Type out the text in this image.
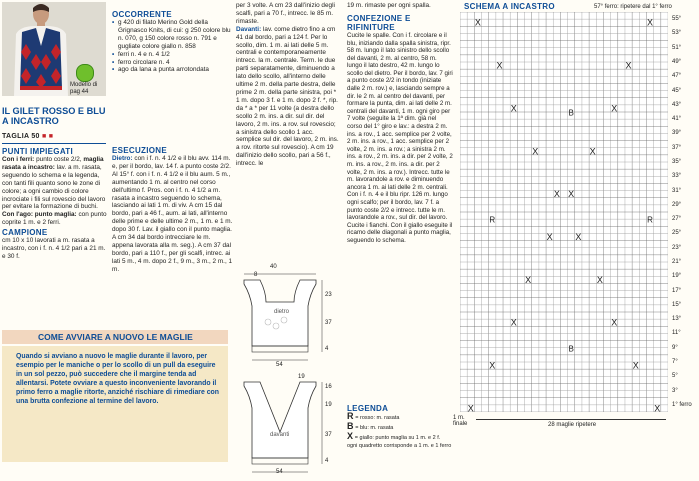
Modello di pag 44
IL GILET ROSSO E BLU A INCASTRO
TAGLIA 50 ■ ■
PUNTI IMPIEGATI

Con i ferri: punto coste 2/2, maglia rasata a incastro: lav. a m. rasata, seguendo lo schema e la legenda, con tanti fili quanto sono le zone di colore; a ogni cambio di colore incrociate i fili sul rovescio del lavoro per evitare la formazione di buchi.

Con l'ago: punto maglia: con punto coprite 1 m. e 2 ferri.

CAMPIONE

cm 10 x 10 lavorati a m. rasata a incastro, con i f. n. 4 1/2 pari a 21 m. e 30 f.

OCCORRENTE
• g 420 di filato Merino Gold della Grignasco Knits, di cui: g 250 colore blu n. 070, g 150 colore rosso n. 791 e gugliate colore giallo n. 858
• ferri n. 4 e n. 4 1/2
• ferro circolare n. 4
• ago da lana a punta arrotondata
ESECUZIONE

Dietro: con i f. n. 4 1/2 e il blu avv. 114 m. e, per il bordo, lav. 14 f. a punto coste 2/2. Al 15° f. con i f. n. 4 1/2 e il blu aum. 5 m., aumentando 1 m. al centro nel corso dell'ultimo f. Pros. con i f. n. 4 1/2 a m. rasata a incastro seguendo lo schema, lasciando ai lati 1 m. di viv. A cm 15 dal bordo, pari a 46 f., aum. ai lati, all'interno delle prime e delle ultime 2 m., 1 m. e 1 m. dopo 30 f. Lav. il giallo con il punto maglia. A cm 34 dal bordo intrecciare le m. appena lavorata alla m. seg.). A cm 37 dal bordo, pari a 110 f., per gli scalfi, intrec. ai lati 5 m., 4 m. dopo 2 f., 9 m., 3 m., 2 m., 1 m.

per 3 volte. A cm 23 dall'inizio degli scalfi, pari a 70 f., intrecc. le 85 m. rimaste.

Davanti: lav. come dietro fino a cm 41 dal bordo, pari a 124 f. Per lo scollo, dim. 1 m. ai lati delle 5 m. centrali e contemporaneamente intrecc. la m. centrale. Term. le due parti separatamente, diminuendo a lato dello scollo, all'interno delle ultime 2 m. della parte destra, delle prime 2 m. della parte sinistra, poi * 1 m. dopo 3 f. e 1 m. dopo 2 f. *, rip. da * a * per 11 volte (a destra dello scollo 2 m. ins. a dir. sul dir. del lavoro, 2 m. ins. a rov. sul rovescio; a sinistra dello scollo 1 acc. semplice sul dir. del lavoro, 2 m. ins. a rov. ritorte sul rovescio). A cm 19 dall'inizio dello scollo, pari a 56 f., intrecc. le

40
8
dietro
54
23
37
4
19
davanti
54
16
19
37
4

19 m. rimaste per ogni spalla.

CONFEZIONE E RIFINITURE

Cucite le spalle. Con i f. circolare e il blu, iniziando dalla spalla sinistra, ripr. 58 m. lungo il lato sinistro dello scollo del davanti, 2 m. al centro, 58 m. lungo il lato destro, 42 m. lungo lo scollo del dietro. Per il bordo, lav. 7 giri a punto coste 2/2 in tondo (iniziate dalle 2 m. rov.) e, lasciando sempre a dir. le 2 m. al centro del davanti, per formare la punta, dim. ai lati delle 2 m. centrali del davanti, 1 m. ogni giro per 7 volte (seguite la 1ª dim. già nel corso del 1° giro e lav.: a destra 2 m. ins. a rov., 1 acc. semplice per 2 volte, 2 m. ins. a rov., 1 acc. semplice per 2 volte, 2 m. ins. a rov.; a sinistra 2 m. ins. a rov., 2 m. ins. a dir. per 2 volte, 2 m. ins. a rov., 2 m. ins. a dir. per 2 volte, 2 m. ins. a rov.). Intrecc. tutte le m. lavorandole a rov. e diminuendo ancora 1 m. ai lati delle 2 m. centrali. Con i f. n. 4 e il blu ripr. 126 m. lungo ogni scalfo; per il bordo, lav. 7 f. a punto coste 2/2 e intrecc. tutte le m. lavorandole a rov., sul dir. del lavoro. Cucite i fianchi. Con il giallo eseguite il ricamo delle diagonali a punto maglia, seguendo lo schema.

LEGENDA
R = rosso: m. rasata
B = blu: m. rasata
X = giallo: punto maglia su 1 m. e 2 f.
ogni quadretto corrisponde a 1 m. e 1 ferro
SCHEMA A INCASTRO	57° ferro: ripetere dal 1° ferro
X	X
X	X
X	X
X	X
X	X
X X
X	X
X	X
X	X
X	X
B
B
R	R
55°
53°
51°
49°
47°
45°
43°
41°
39°
37°
35°
33°
31°
29°
27°
25°
23°
21°
19°
17°
15°
13°
11°
9°
7°
5°
3°
1° ferro
1 m. finale	28 maglie ripetere
COME AVVIARE A NUOVO LE MAGLIE
Quando si avviano a nuovo le maglie durante il lavoro, per esempio per le maniche o per lo scollo di un pull da eseguire in un sol pezzo, può succedere che il margine tenda ad allentarsi. Potete ovviare a questo inconveniente lavorando il primo ferro a maglie ritorte, anziché rischiare di rimediare con una brutta confezione al termine del lavoro.
